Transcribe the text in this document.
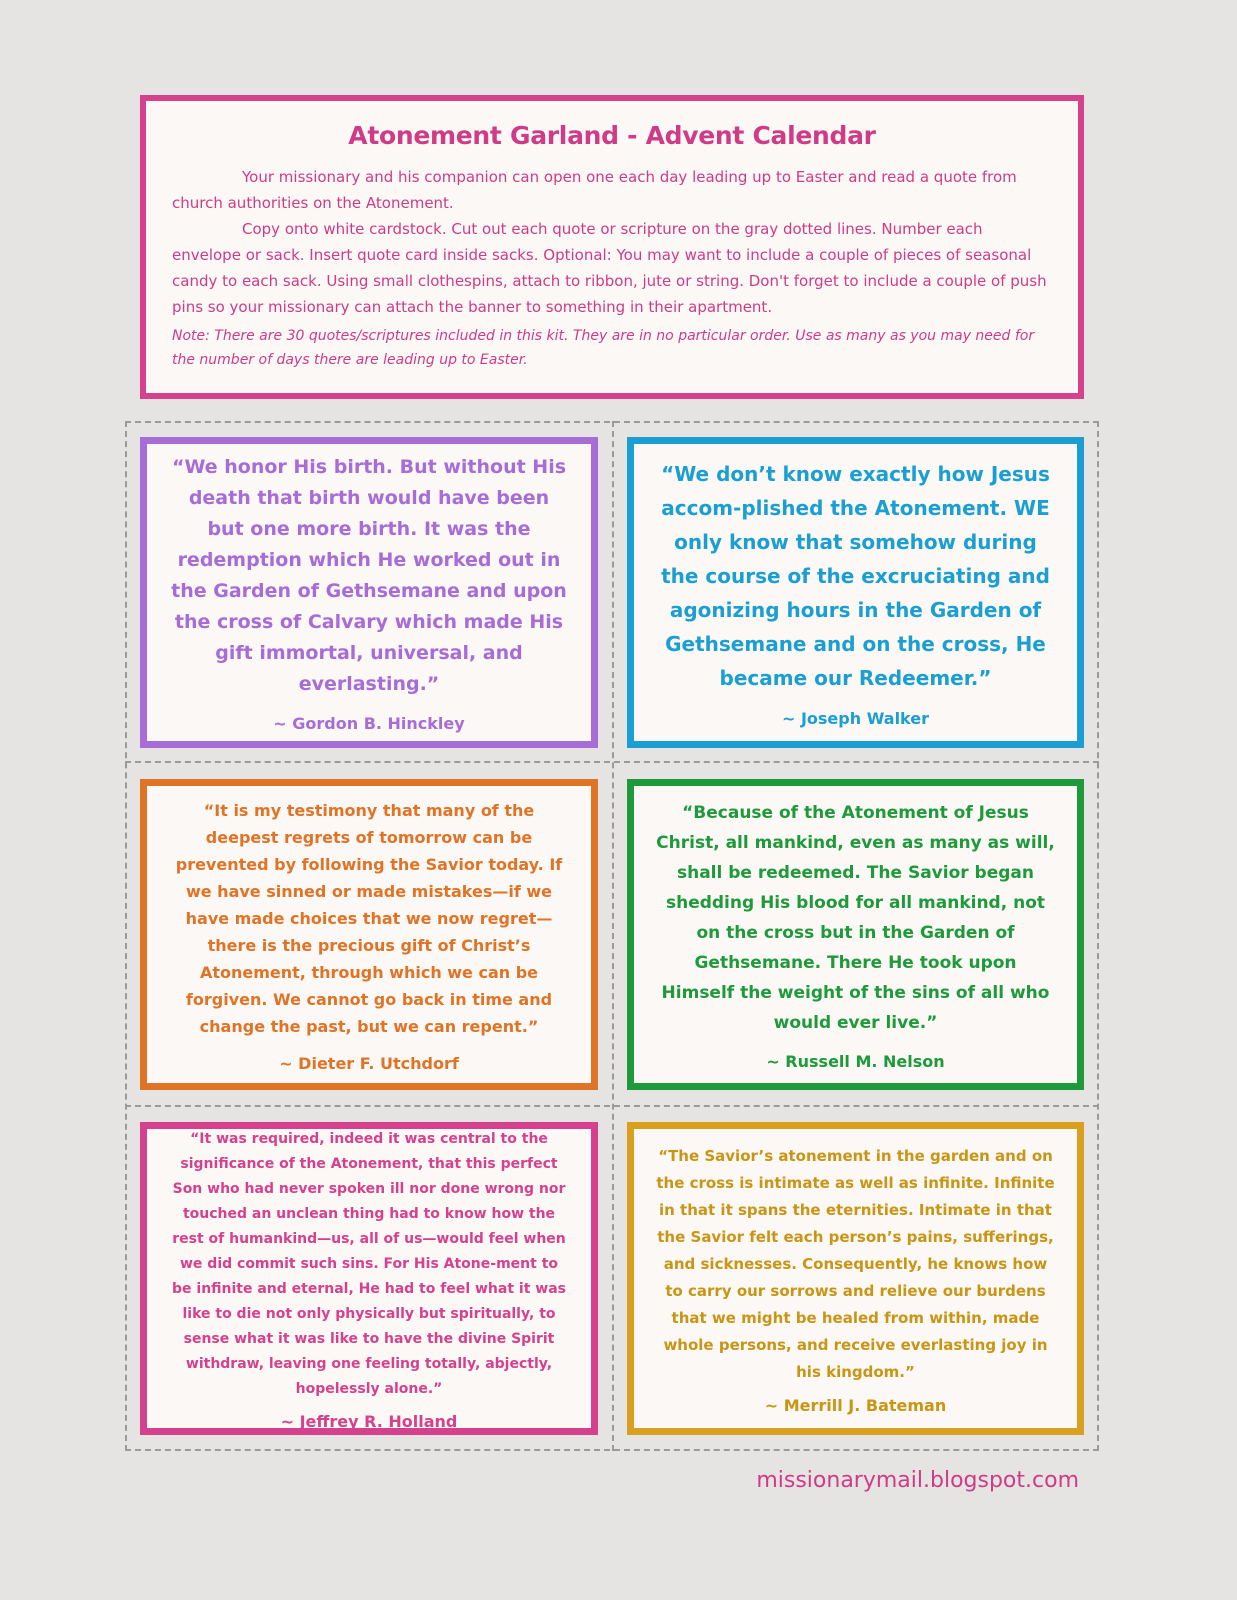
Atonement Garland - Advent Calendar

Your missionary and his companion can open one each day leading up to Easter and read a quote from church authorities on the Atonement.

Copy onto white cardstock. Cut out each quote or scripture on the gray dotted lines. Number each envelope or sack. Insert quote card inside sacks. Optional: You may want to include a couple of pieces of seasonal candy to each sack. Using small clothespins, attach to ribbon, jute or string. Don't forget to include a couple of push pins so your missionary can attach the banner to something in their apartment.

Note: There are 30 quotes/scriptures included in this kit. They are in no particular order. Use as many as you may need for the number of days there are leading up to Easter.

“We honor His birth. But without His death that birth would have been but one more birth. It was the redemption which He worked out in the Garden of Gethsemane and upon the cross of Calvary which made His gift immortal, universal, and everlasting.”

~ Gordon B. Hinckley

“We don’t know exactly how Jesus accom-plished the Atonement. WE only know that somehow during the course of the excruciating and agonizing hours in the Garden of Gethsemane and on the cross, He became our Redeemer.”

~ Joseph Walker

“It is my testimony that many of the deepest regrets of tomorrow can be prevented by following the Savior today. If we have sinned or made mistakes—if we have made choices that we now regret—there is the precious gift of Christ’s Atonement, through which we can be forgiven. We cannot go back in time and change the past, but we can repent.”

~ Dieter F. Utchdorf

“Because of the Atonement of Jesus Christ, all mankind, even as many as will, shall be redeemed. The Savior began shedding His blood for all mankind, not on the cross but in the Garden of Gethsemane. There He took upon Himself the weight of the sins of all who would ever live.”

~ Russell M. Nelson

“It was required, indeed it was central to the significance of the Atonement, that this perfect Son who had never spoken ill nor done wrong nor touched an unclean thing had to know how the rest of humankind—us, all of us—would feel when we did commit such sins. For His Atone-ment to be infinite and eternal, He had to feel what it was like to die not only physically but spiritually, to sense what it was like to have the divine Spirit withdraw, leaving one feeling totally, abjectly, hopelessly alone.”

~ Jeffrey R. Holland

“The Savior’s atonement in the garden and on the cross is intimate as well as infinite. Infinite in that it spans the eternities. Intimate in that the Savior felt each person’s pains, sufferings, and sicknesses. Consequently, he knows how to carry our sorrows and relieve our burdens that we might be healed from within, made whole persons, and receive everlasting joy in his kingdom.”

~ Merrill J. Bateman
missionarymail.blogspot.com
